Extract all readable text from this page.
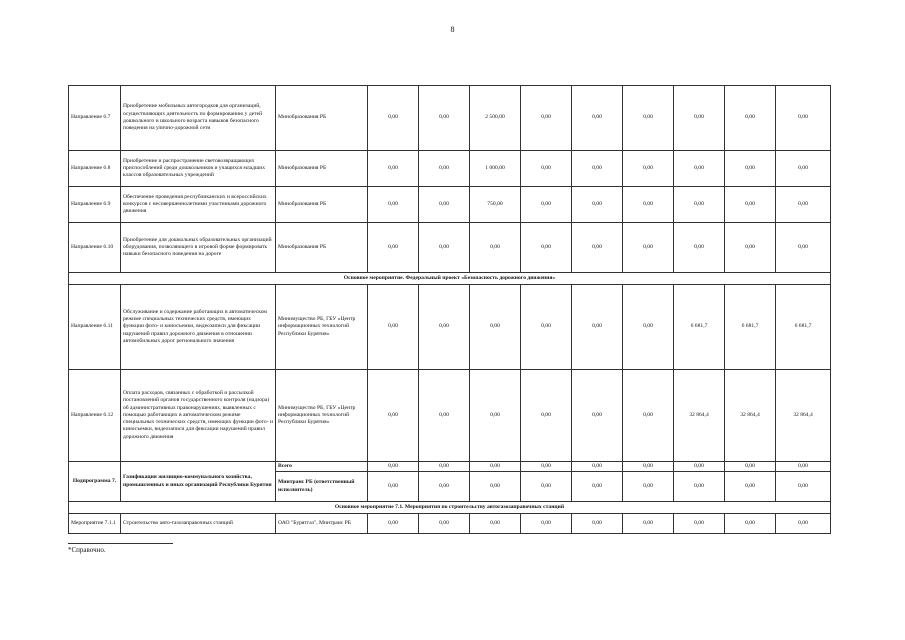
8
Направление 6.7	Приобретение мобильных автогородков для организаций, осуществляющих деятельность по формированию у детей дошкольного и школьного возраста навыков безопасного поведения на улично-дорожной сети	Минобразования РБ	0,00	0,00	2 500,00	0,00	0,00	0,00	0,00	0,00	0,00
Направление 6.8	Приобретение и распространение световозвращающих приспособлений среди дошкольников и учащихся младших классов образовательных учреждений	Минобразования РБ	0,00	0,00	1 000,00	0,00	0,00	0,00	0,00	0,00	0,00
Направление 6.9	Обеспечение проведения республиканских и всероссийских конкурсов с несовершеннолетними участниками дорожного движения	Минобразования РБ	0,00	0,00	750,00	0,00	0,00	0,00	0,00	0,00	0,00
Направление 6.10	Приобретение для дошкольных образовательных организаций оборудования, позволяющего в игровой форме формировать навыки безопасного поведения на дороге	Минобразования РБ	0,00	0,00	0,00	0,00	0,00	0,00	0,00	0,00	0,00
Основное мероприятие. Федеральный проект «Безопасность дорожного движения»											
Направление 6.11	Обслуживание и содержание работающих в автоматическом режиме специальных технических средств, имеющих функции фото- и киносъемки, видеозаписи для фиксации нарушений правил дорожного движения в отношении автомобильных дорог регионального значения	Минимущество РБ, ГБУ «Центр информационных технологий Республики Бурятия»	0,00	0,00	0,00	0,00	0,00	0,00	6 681,7	6 681,7	6 681,7
Направление 6.12	Оплата расходов, связанных с обработкой и рассылкой постановлений органов государственного контроля (надзора) об административных правонарушениях, выявленных с помощью работающих в автоматическом режиме специальных технических средств, имеющих функции фото- и киносъемки, видеозаписи для фиксации нарушений правил дорожного движения	Минимущество РБ, ГБУ «Центр информационных технологий Республики Бурятия»	0,00	0,00	0,00	0,00	0,00	0,00	32 864,4	32 864,4	32 864,4
Подпрограмма 7.	Газификация жилищно-коммунального хозяйства, промышленных и иных организаций Республики Бурятия	Всего	0,00	0,00	0,00	0,00	0,00	0,00	0,00	0,00	0,00
		Минтранс РБ (ответственный исполнитель)	0,00	0,00	0,00	0,00	0,00	0,00	0,00	0,00	0,00
Основное мероприятие 7.1. Мероприятия по строительству автогазозаправочных станций											
Мероприятие 7.1.1	Строительство авто-газозаправочных станций	ОАО "Бурятгаз", Минтранс РБ	0,00	0,00	0,00	0,00	0,00	0,00	0,00	0,00	0,00
*Справочно.
